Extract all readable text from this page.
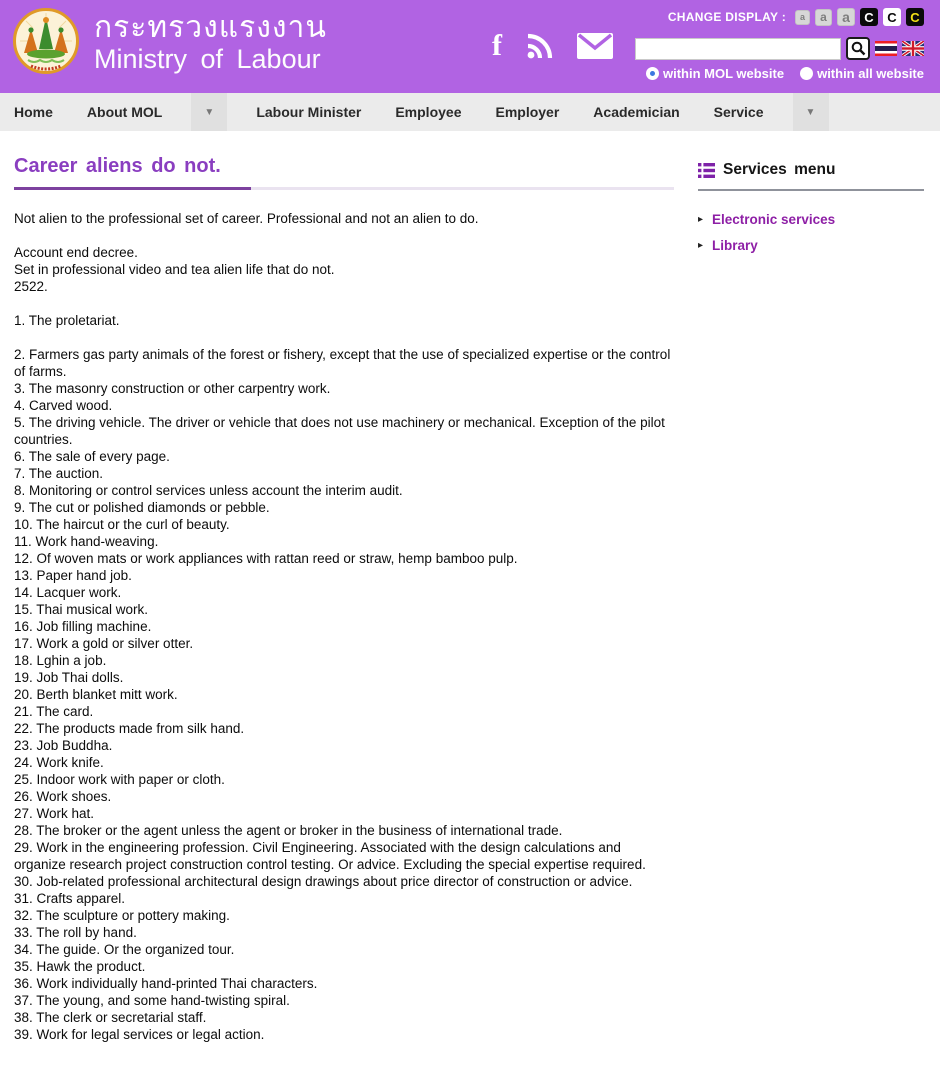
กระทรวงแรงงาน
Ministry of Labour	f
CHANGE DISPLAY :	a	a	a	C	C	C
within MOL website	within all website
Home	About MOL	▼	Labour Minister	Employee	Employer	Academician	Service	▼
Career aliens do not.

Not alien to the professional set of career. Professional and not an alien to do.

Account end decree.
Set in professional video and tea alien life that do not.
2522.

1. The proletariat.

2. Farmers gas party animals of the forest or fishery, except that the use of specialized expertise or the control of farms.
3. The masonry construction or other carpentry work.
4. Carved wood.
5. The driving vehicle. The driver or vehicle that does not use machinery or mechanical. Exception of the pilot countries.
6. The sale of every page.
7. The auction.
8. Monitoring or control services unless account the interim audit.
9. The cut or polished diamonds or pebble.
10. The haircut or the curl of beauty.
11. Work hand-weaving.
12. Of woven mats or work appliances with rattan reed or straw, hemp bamboo pulp.
13. Paper hand job.
14. Lacquer work.
15. Thai musical work.
16. Job filling machine.
17. Work a gold or silver otter.
18. Lghin a job.
19. Job Thai dolls.
20. Berth blanket mitt work.
21. The card.
22. The products made from silk hand.
23. Job Buddha.
24. Work knife.
25. Indoor work with paper or cloth.
26. Work shoes.
27. Work hat.
28. The broker or the agent unless the agent or broker in the business of international trade.
29. Work in the engineering profession. Civil Engineering. Associated with the design calculations and organize research project construction control testing. Or advice. Excluding the special expertise required.
30. Job-related professional architectural design drawings about price director of construction or advice.
31. Crafts apparel.
32. The sculpture or pottery making.
33. The roll by hand.
34. The guide. Or the organized tour.
35. Hawk the product.
36. Work individually hand-printed Thai characters.
37. The young, and some hand-twisting spiral.
38. The clerk or secretarial staff.
39. Work for legal services or legal action.
Services menu
▸ Electronic services
▸ Library
